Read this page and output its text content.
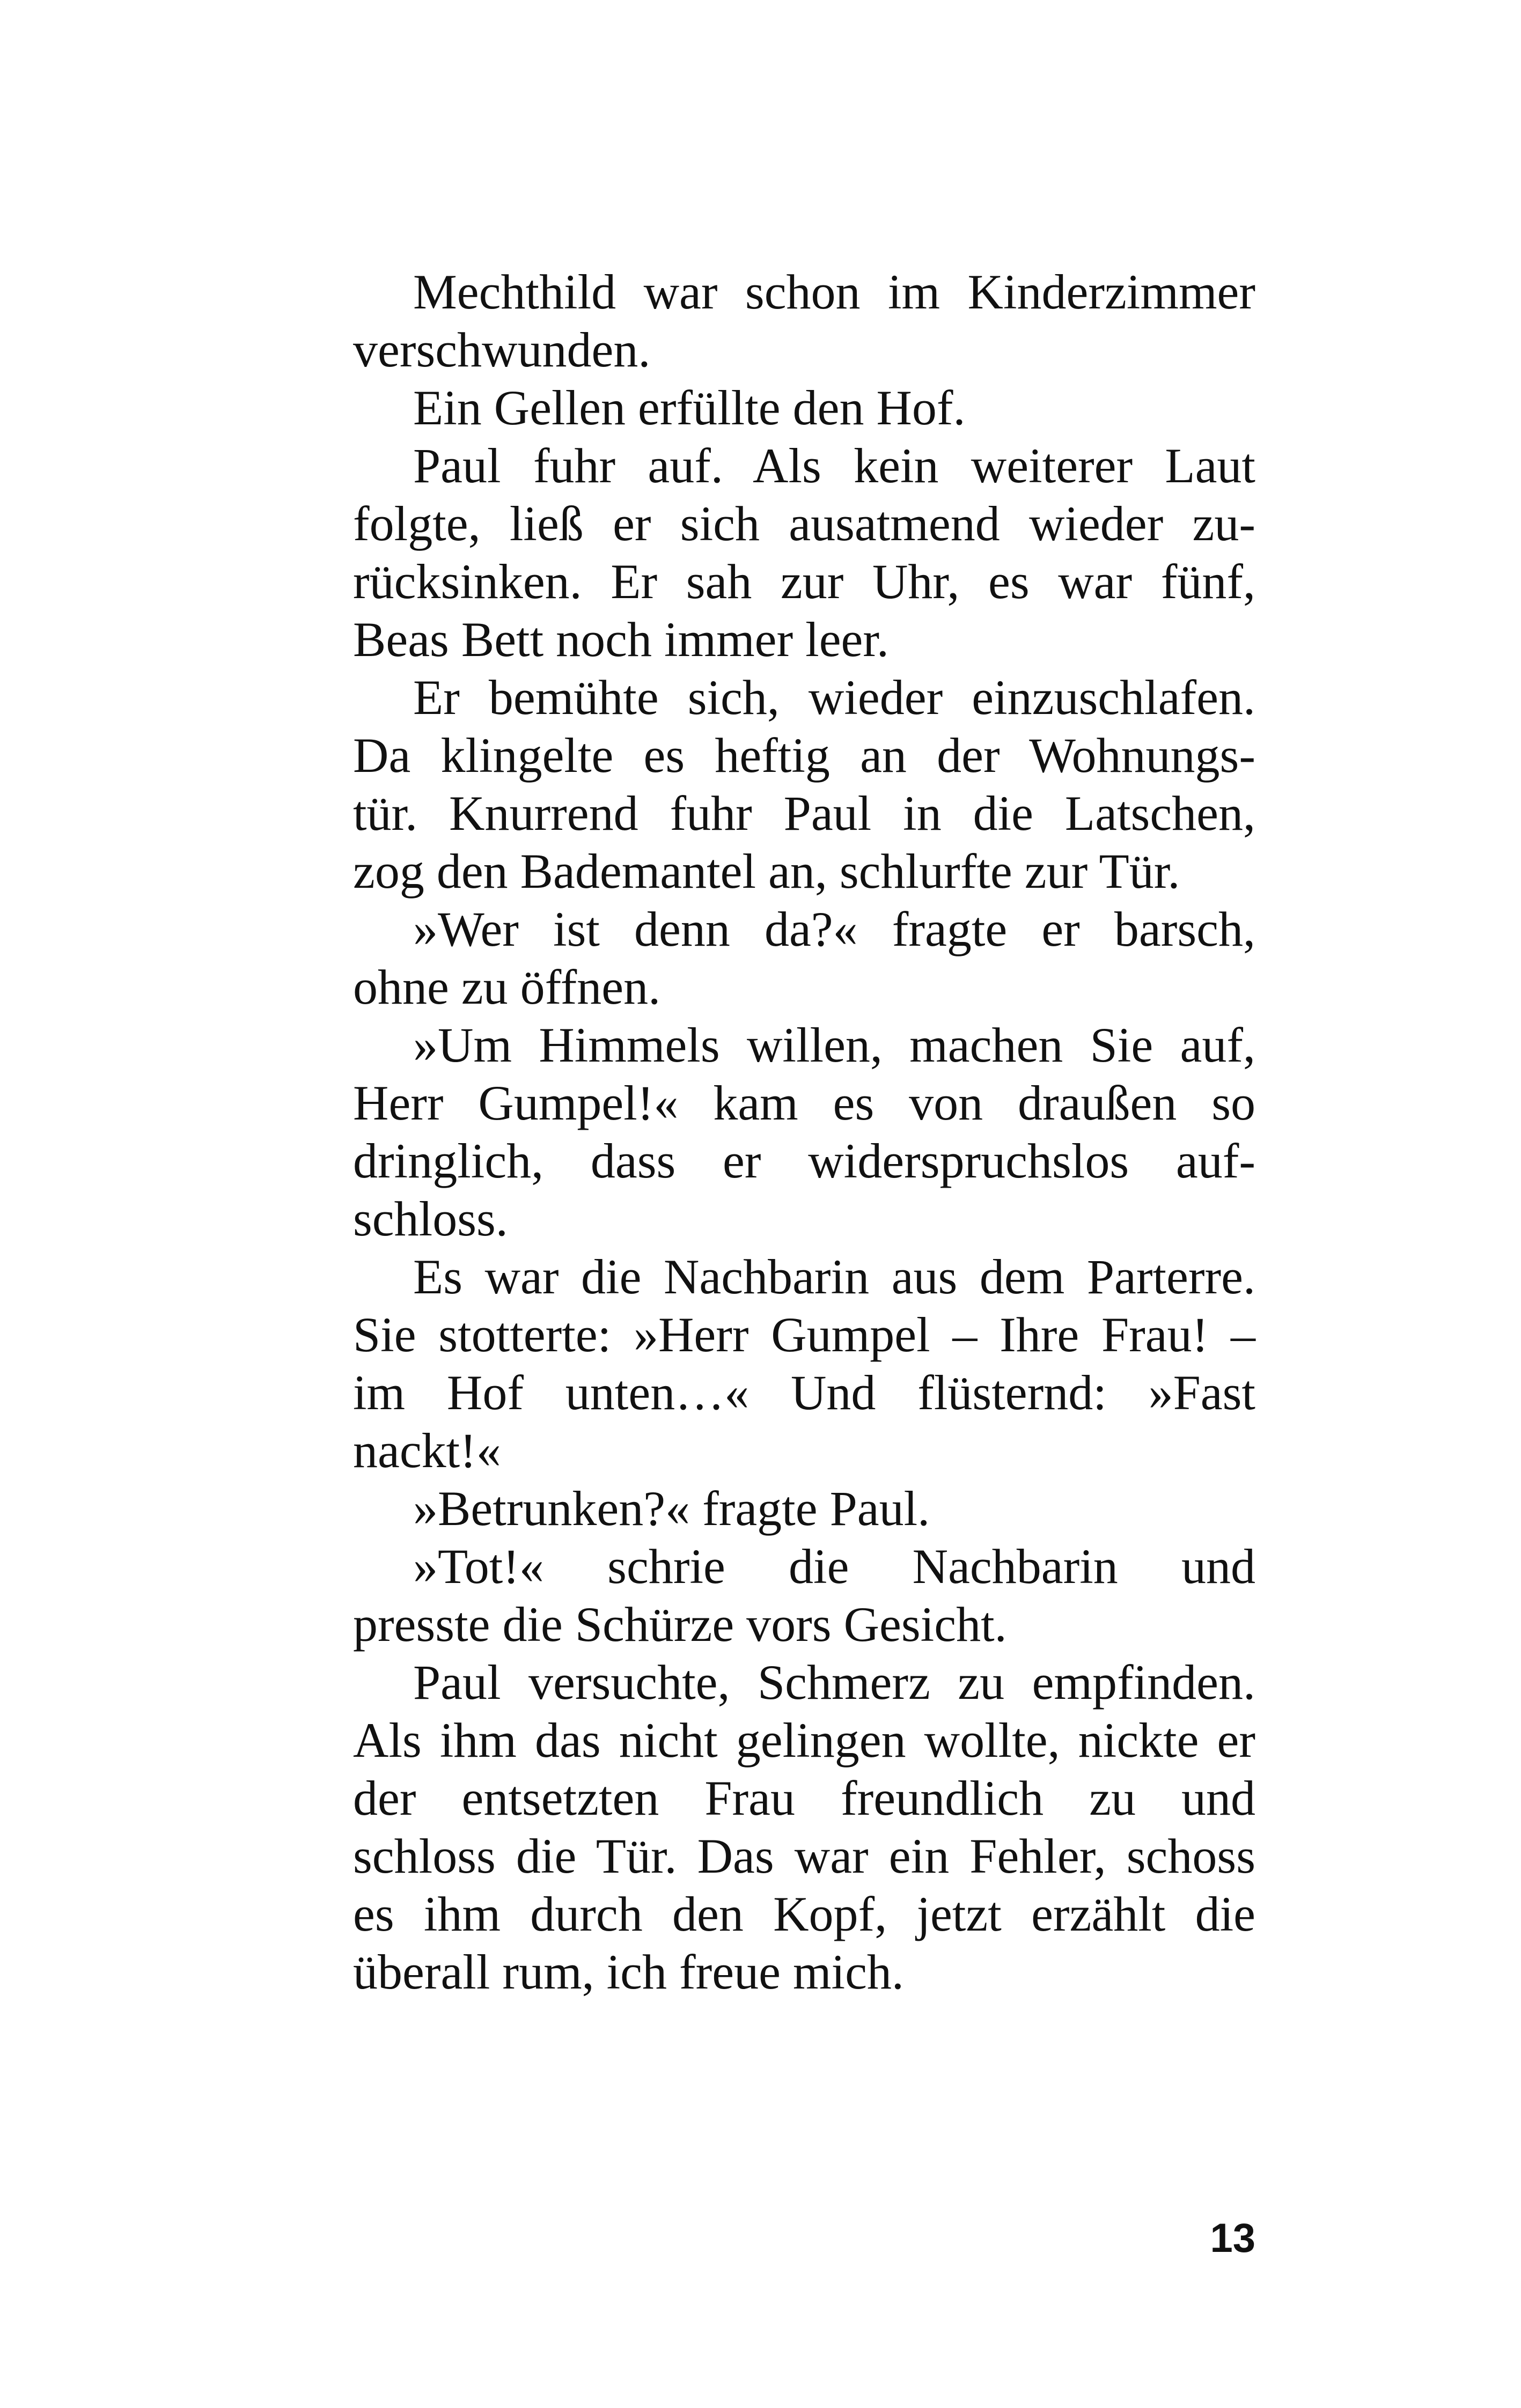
Mechthild war schon im Kinderzimmer
verschwunden.
Ein Gellen erfüllte den Hof.
Paul fuhr auf. Als kein weiterer Laut
folgte, ließ er sich ausatmend wieder zu-
rücksinken. Er sah zur Uhr, es war fünf,
Beas Bett noch immer leer.
Er bemühte sich, wieder einzuschlafen.
Da klingelte es heftig an der Wohnungs-
tür. Knurrend fuhr Paul in die Latschen,
zog den Bademantel an, schlurfte zur Tür.
»Wer ist denn da?« fragte er barsch,
ohne zu öffnen.
»Um Himmels willen, machen Sie auf,
Herr Gumpel!« kam es von draußen so
dringlich, dass er widerspruchslos auf-
schloss.
Es war die Nachbarin aus dem Parterre.
Sie stotterte: »Herr Gumpel – Ihre Frau! –
im Hof unten…« Und flüsternd: »Fast
nackt!«
»Betrunken?« fragte Paul.
»Tot!« schrie die Nachbarin und
presste die Schürze vors Gesicht.
Paul versuchte, Schmerz zu empfinden.
Als ihm das nicht gelingen wollte, nickte er
der entsetzten Frau freundlich zu und
schloss die Tür. Das war ein Fehler, schoss
es ihm durch den Kopf, jetzt erzählt die
überall rum, ich freue mich.
13
